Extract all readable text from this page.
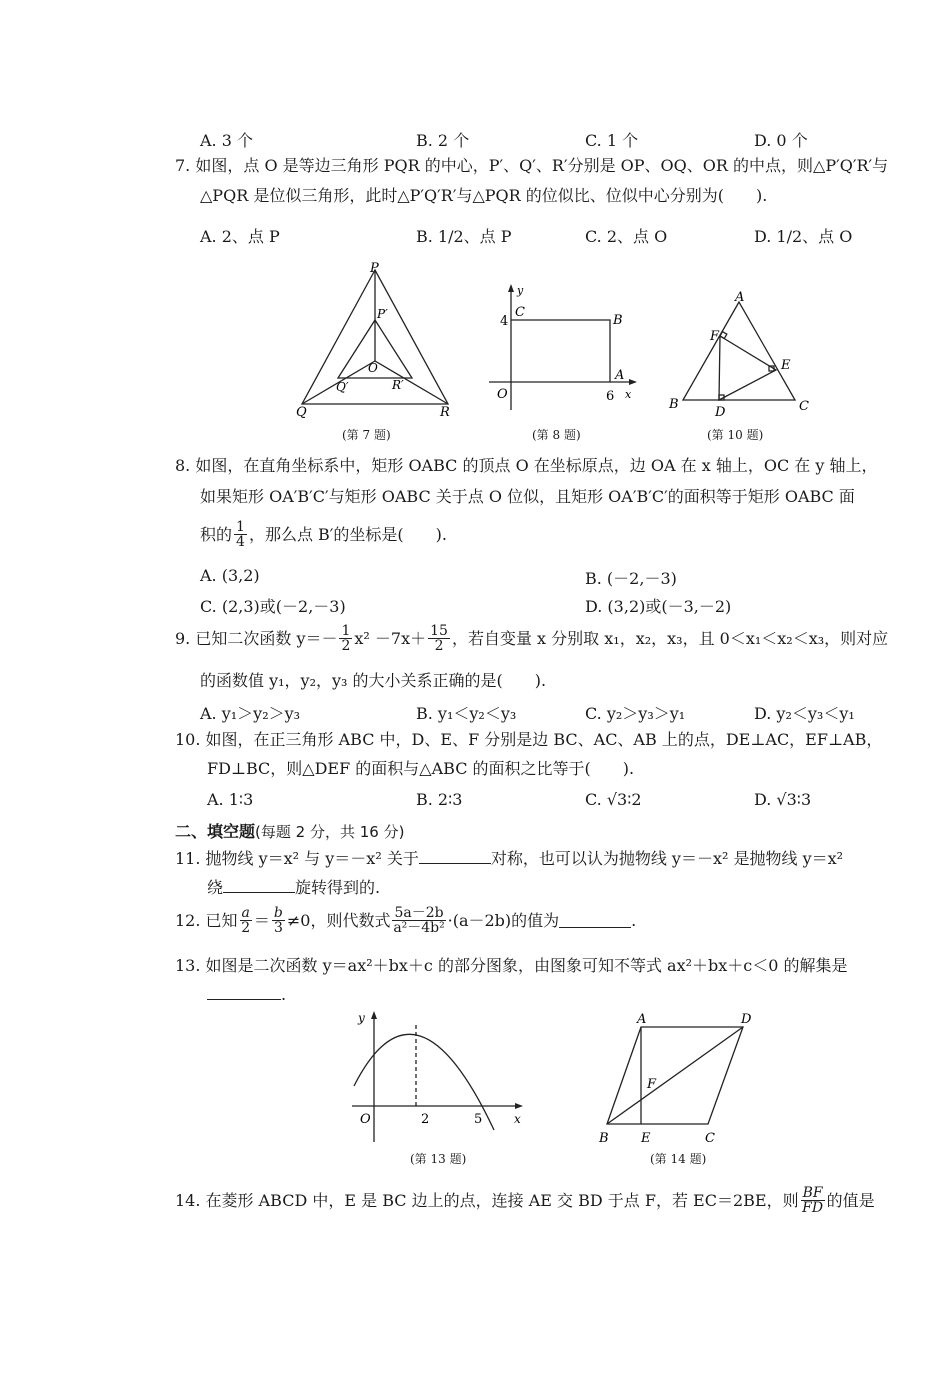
A. 3 个	B. 2 个	C. 1 个	D. 0 个
7. 如图，点 O 是等边三角形 PQR 的中心，P′、Q′、R′分别是 OP、OQ、OR 的中点，则△P′Q′R′与
△PQR 是位似三角形，此时△P′Q′R′与△PQR 的位似比、位似中心分别为(　　).
A. 2、点 P	B. 1/2、点 P	C. 2、点 O	D. 1/2、点 O
P
P′
O
Q′	R′
Q	R
(第 7 题)
y
C
B
4
O
A
6 x
(第 8 题)
A
F
E
B
D	C
(第 10 题)
8. 如图，在直角坐标系中，矩形 OABC 的顶点 O 在坐标原点，边 OA 在 x 轴上，OC 在 y 轴上，
如果矩形 OA′B′C′与矩形 OABC 关于点 O 位似，且矩形 OA′B′C′的面积等于矩形 OABC 面
积的 $\frac{1}{4}$ ，那么点 B′的坐标是(　　).
A. (3,2)	B. (－2,－3)
C. (2,3)或(－2,－3)	D. (3,2)或(－3,－2)
9. 已知二次函数 $y=- \frac{1}{2} x^2 -7x+ \frac{15}{2}$ ，若自变量 x 分别取 x₁，x₂，x₃，且 0＜x₁＜x₂＜x₃，则对应
的函数值 y₁，y₂，y₃ 的大小关系正确的是(　　).
A. y₁＞y₂＞y₃	B. y₁＜y₂＜y₃	C. y₂＞y₃＞y₁	D. y₂＜y₃＜y₁
10. 如图，在正三角形 ABC 中，D、E、F 分别是边 BC、AC、AB 上的点，DE⊥AC，EF⊥AB，
FD⊥BC，则△DEF 的面积与△ABC 的面积之比等于(　　).
A. 1∶3	B. 2∶3	C. √3∶2	D. √3∶3
二、填空题(每题 2 分，共 16 分)
11. 抛物线 y＝x² 与 y＝－x² 关于	对称，也可以认为抛物线 y＝－x² 是抛物线 y＝x²
绕	旋转得到的.
12. 已知 $\frac{a}{2} = \frac{b}{3} \ne 0$，则代数式 $\frac{5a-2b}{\text{a²－4b²}} \cdot(a-2b)$的值为	.
13. 如图是二次函数 y＝ax²＋bx＋c 的部分图象，由图象可知不等式 ax²＋bx＋c＜0 的解集是
.
y
O	2	5	x
(第 13 题)
A	D
F
B E	C
(第 14 题)
14. 在菱形 ABCD 中，E 是 BC 边上的点，连接 AE 交 BD 于点 F，若 EC＝2BE，则 $\frac{BF}{FD}$ 的值是
